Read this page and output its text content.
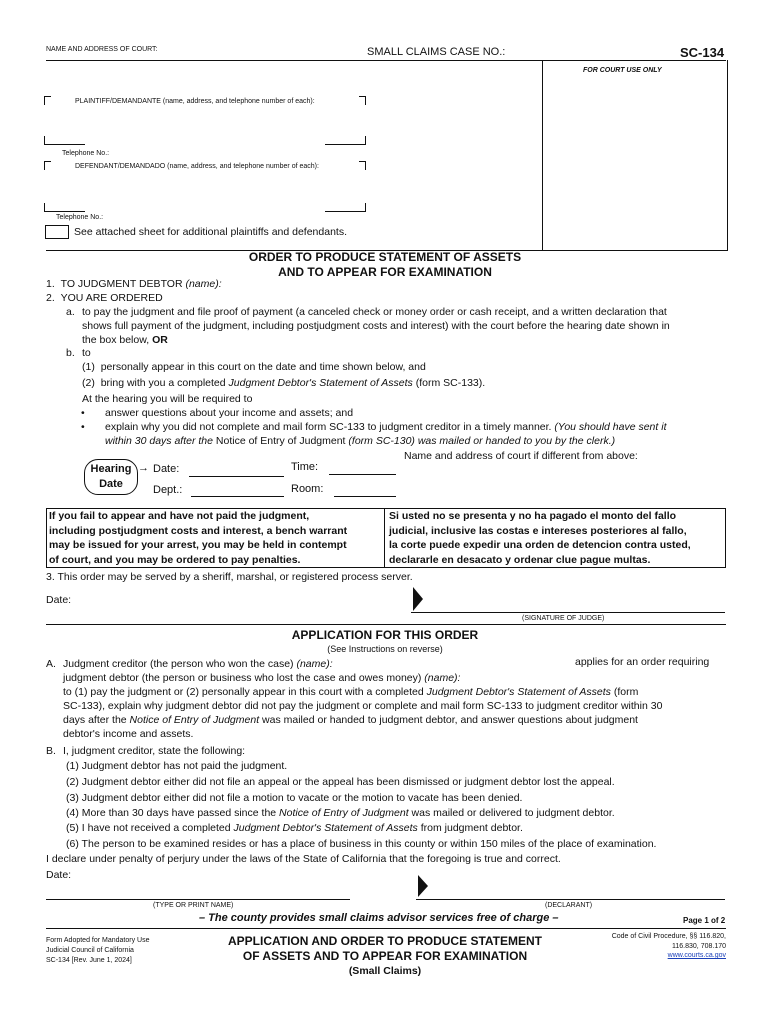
NAME AND ADDRESS OF COURT:	SMALL CLAIMS CASE NO.:	SC-134
FOR COURT USE ONLY
PLAINTIFF/DEMANDANTE (name, address, and telephone number of each):
Telephone No.:
DEFENDANT/DEMANDADO (name, address, and telephone number of each):
Telephone No.:
See attached sheet for additional plaintiffs and defendants.
ORDER TO PRODUCE STATEMENT OF ASSETS
AND TO APPEAR FOR EXAMINATION
1. TO JUDGMENT DEBTOR (name):
2. YOU ARE ORDERED
a. to pay the judgment and file proof of payment (a canceled check or money order or cash receipt, and a written declaration that
shows full payment of the judgment, including postjudgment costs and interest) with the court before the hearing date shown in
the box below, OR
b. to
(1) personally appear in this court on the date and time shown below, and
(2) bring with you a completed Judgment Debtor's Statement of Assets (form SC-133).
At the hearing you will be required to
• answer questions about your income and assets; and
• explain why you did not complete and mail form SC-133 to judgment creditor in a timely manner. (You should have sent it
within 30 days after the Notice of Entry of Judgment (form SC-130) was mailed or handed to you by the clerk.)
Name and address of court if different from above:
Hearing
Date
→ Date:	Time:
Dept.:	Room:
If you fail to appear and have not paid the judgment,
including postjudgment costs and interest, a bench warrant
may be issued for your arrest, you may be held in contempt
of court, and you may be ordered to pay penalties.
Si usted no se presenta y no ha pagado el monto del fallo
judicial, inclusive las costas e intereses posteriores al fallo,
la corte puede expedir una orden de detencion contra usted,
declararle en desacato y ordenar clue pague multas.
3. This order may be served by a sheriff, marshal, or registered process server.
Date:
(SIGNATURE OF JUDGE)
APPLICATION FOR THIS ORDER
(See Instructions on reverse)
A. Judgment creditor (the person who won the case) (name):	applies for an order requiring
judgment debtor (the person or business who lost the case and owes money) (name):
to (1) pay the judgment or (2) personally appear in this court with a completed Judgment Debtor's Statement of Assets (form
SC-133), explain why judgment debtor did not pay the judgment or complete and mail form SC-133 to judgment creditor within 30
days after the Notice of Entry of Judgment was mailed or handed to judgment debtor, and answer questions about judgment
debtor's income and assets.
B. I, judgment creditor, state the following:
(1) Judgment debtor has not paid the judgment.
(2) Judgment debtor either did not file an appeal or the appeal has been dismissed or judgment debtor lost the appeal.
(3) Judgment debtor either did not file a motion to vacate or the motion to vacate has been denied.
(4) More than 30 days have passed since the Notice of Entry of Judgment was mailed or delivered to judgment debtor.
(5) I have not received a completed Judgment Debtor's Statement of Assets from judgment debtor.
(6) The person to be examined resides or has a place of business in this county or within 150 miles of the place of examination.
I declare under penalty of perjury under the laws of the State of California that the foregoing is true and correct.
Date:
(TYPE OR PRINT NAME)	(DECLARANT)
– The county provides small claims advisor services free of charge –	Page 1 of 2
Form Adopted for Mandatory Use
Judicial Council of California
SC-134 [Rev. June 1, 2024]
APPLICATION AND ORDER TO PRODUCE STATEMENT
OF ASSETS AND TO APPEAR FOR EXAMINATION
(Small Claims)
Code of Civil Procedure, §§ 116.820,
116.830, 708.170
www.courts.ca.gov
